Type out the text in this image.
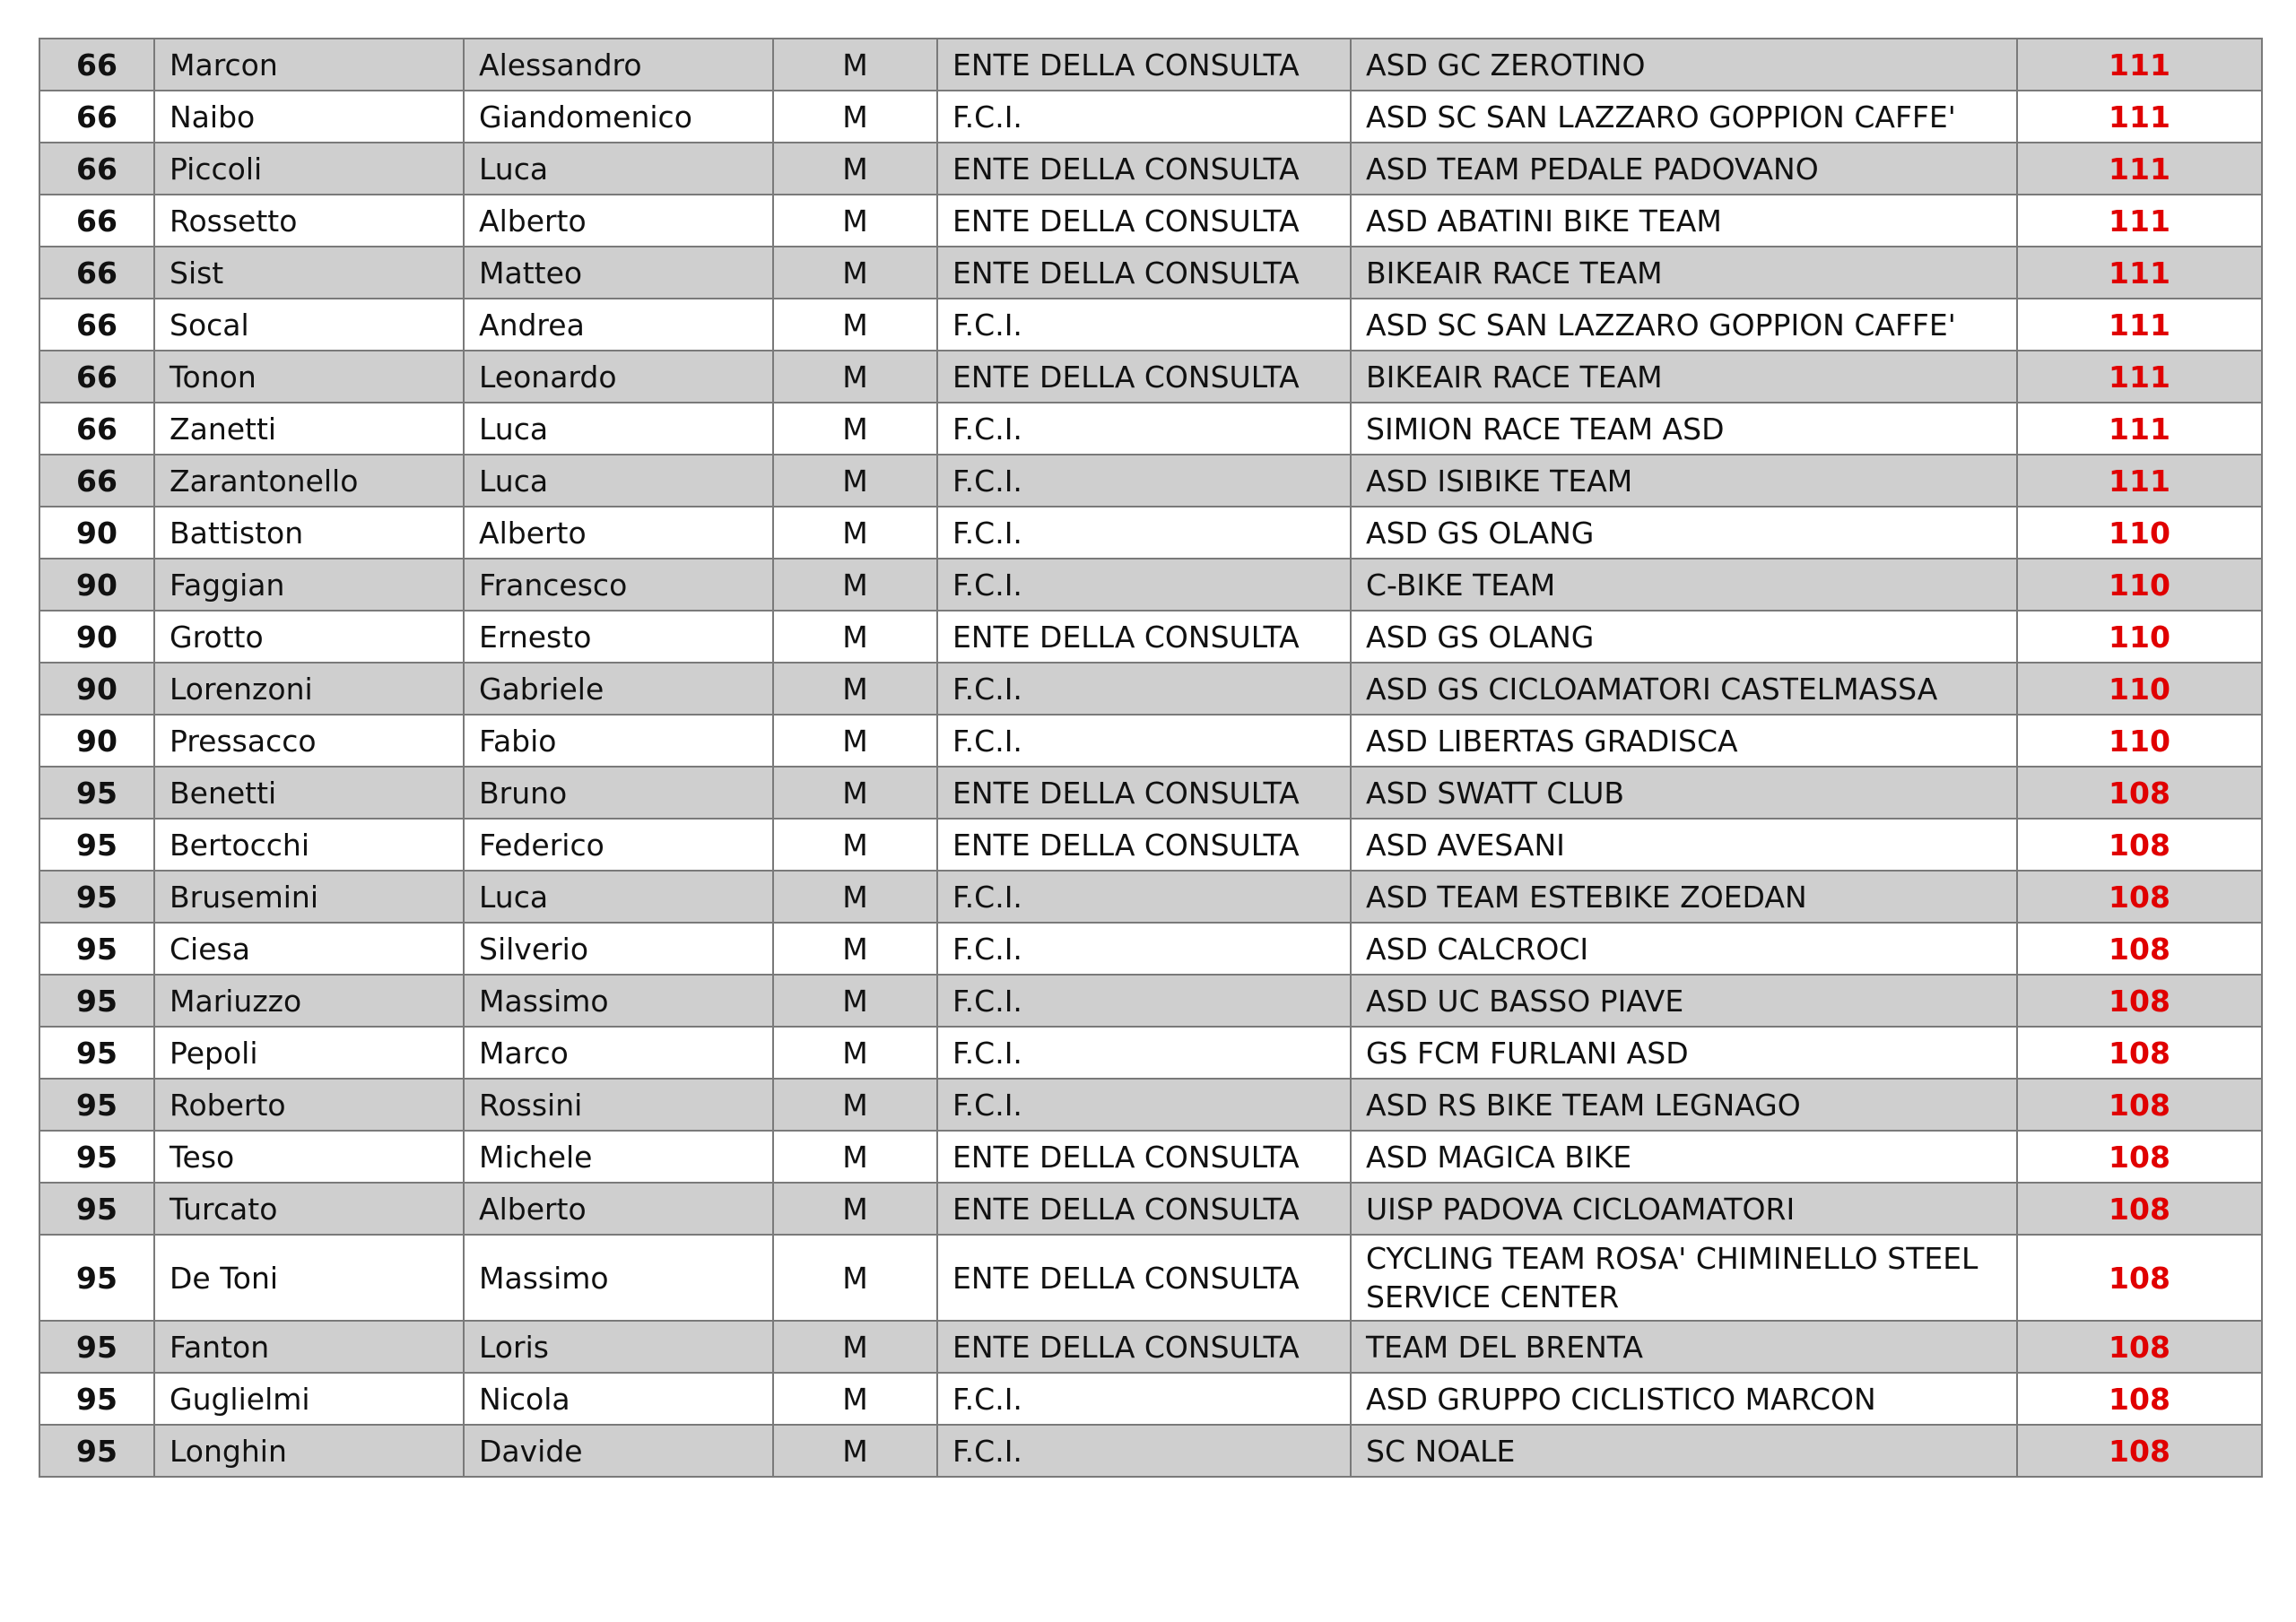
66	Marcon	Alessandro	M	ENTE DELLA CONSULTA	ASD GC ZEROTINO	111
66	Naibo	Giandomenico	M	F.C.I.	ASD SC SAN LAZZARO GOPPION CAFFE'	111
66	Piccoli	Luca	M	ENTE DELLA CONSULTA	ASD TEAM PEDALE PADOVANO	111
66	Rossetto	Alberto	M	ENTE DELLA CONSULTA	ASD ABATINI BIKE TEAM	111
66	Sist	Matteo	M	ENTE DELLA CONSULTA	BIKEAIR RACE TEAM	111
66	Socal	Andrea	M	F.C.I.	ASD SC SAN LAZZARO GOPPION CAFFE'	111
66	Tonon	Leonardo	M	ENTE DELLA CONSULTA	BIKEAIR RACE TEAM	111
66	Zanetti	Luca	M	F.C.I.	SIMION RACE TEAM ASD	111
66	Zarantonello	Luca	M	F.C.I.	ASD ISIBIKE TEAM	111
90	Battiston	Alberto	M	F.C.I.	ASD GS OLANG	110
90	Faggian	Francesco	M	F.C.I.	C-BIKE TEAM	110
90	Grotto	Ernesto	M	ENTE DELLA CONSULTA	ASD GS OLANG	110
90	Lorenzoni	Gabriele	M	F.C.I.	ASD GS CICLOAMATORI CASTELMASSA	110
90	Pressacco	Fabio	M	F.C.I.	ASD LIBERTAS GRADISCA	110
95	Benetti	Bruno	M	ENTE DELLA CONSULTA	ASD SWATT CLUB	108
95	Bertocchi	Federico	M	ENTE DELLA CONSULTA	ASD AVESANI	108
95	Brusemini	Luca	M	F.C.I.	ASD TEAM ESTEBIKE ZOEDAN	108
95	Ciesa	Silverio	M	F.C.I.	ASD CALCROCI	108
95	Mariuzzo	Massimo	M	F.C.I.	ASD UC BASSO PIAVE	108
95	Pepoli	Marco	M	F.C.I.	GS FCM FURLANI ASD	108
95	Roberto	Rossini	M	F.C.I.	ASD RS BIKE TEAM LEGNAGO	108
95	Teso	Michele	M	ENTE DELLA CONSULTA	ASD MAGICA BIKE	108
95	Turcato	Alberto	M	ENTE DELLA CONSULTA	UISP PADOVA CICLOAMATORI	108
95	De Toni	Massimo	M	ENTE DELLA CONSULTA	CYCLING TEAM ROSA' CHIMINELLO STEEL SERVICE CENTER	108
95	Fanton	Loris	M	ENTE DELLA CONSULTA	TEAM DEL BRENTA	108
95	Guglielmi	Nicola	M	F.C.I.	ASD GRUPPO CICLISTICO MARCON	108
95	Longhin	Davide	M	F.C.I.	SC NOALE	108
